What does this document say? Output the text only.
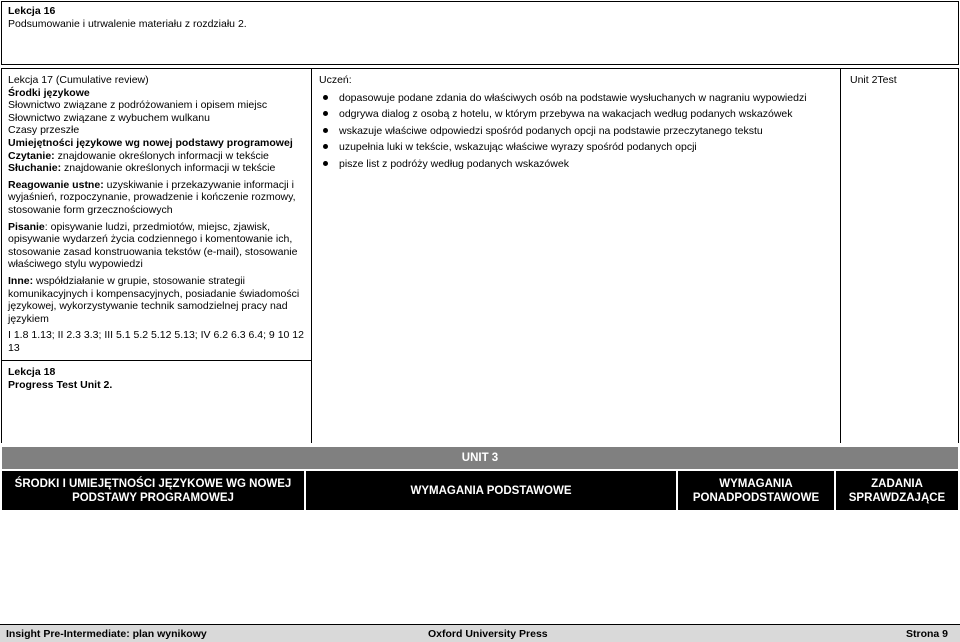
Lekcja 16
Podsumowanie i utrwalenie materiału z rozdziału 2.

Lekcja 17 (Cumulative review)

Środki językowe

Słownictwo związane z podróżowaniem i opisem miejsc

Słownictwo związane z wybuchem wulkanu

Czasy przeszłe

Umiejętności językowe wg nowej podstawy programowej

Czytanie: znajdowanie określonych informacji w tekście

Słuchanie: znajdowanie określonych informacji w tekście

Reagowanie ustne: uzyskiwanie i przekazywanie informacji i wyjaśnień, rozpoczynanie, prowadzenie i kończenie rozmowy, stosowanie form grzecznościowych

Pisanie: opisywanie ludzi, przedmiotów, miejsc, zjawisk, opisywanie wydarzeń życia codziennego i komentowanie ich, stosowanie zasad konstruowania tekstów (e-mail), stosowanie właściwego stylu wypowiedzi

Inne: współdziałanie w grupie, stosowanie strategii komunikacyjnych i kompensacyjnych, posiadanie świadomości językowej, wykorzystywanie technik samodzielnej pracy nad językiem

I 1.8 1.13; II 2.3 3.3; III 5.1 5.2 5.12 5.13; IV 6.2 6.3 6.4; 9 10 12 13

Lekcja 18

Progress Test Unit 2.

Uczeń:

dopasowuje podane zdania do właściwych osób na podstawie wysłuchanych w nagraniu wypowiedzi
odgrywa dialog z osobą z hotelu, w którym przebywa na wakacjach według podanych wskazówek
wskazuje właściwe odpowiedzi spośród podanych opcji na podstawie przeczytanego tekstu
uzupełnia luki w tekście, wskazując właściwe wyrazy spośród podanych opcji
pisze list z podróży według podanych wskazówek

Unit 2Test

UNIT 3
ŚRODKI I UMIEJĘTNOŚCI JĘZYKOWE WG NOWEJ PODSTAWY PROGRAMOWEJ
WYMAGANIA PODSTAWOWE
WYMAGANIA PONADPODSTAWOWE
ZADANIA SPRAWDZAJĄCE
Insight Pre-Intermediate: plan wynikowy	Oxford University Press	Strona 9
